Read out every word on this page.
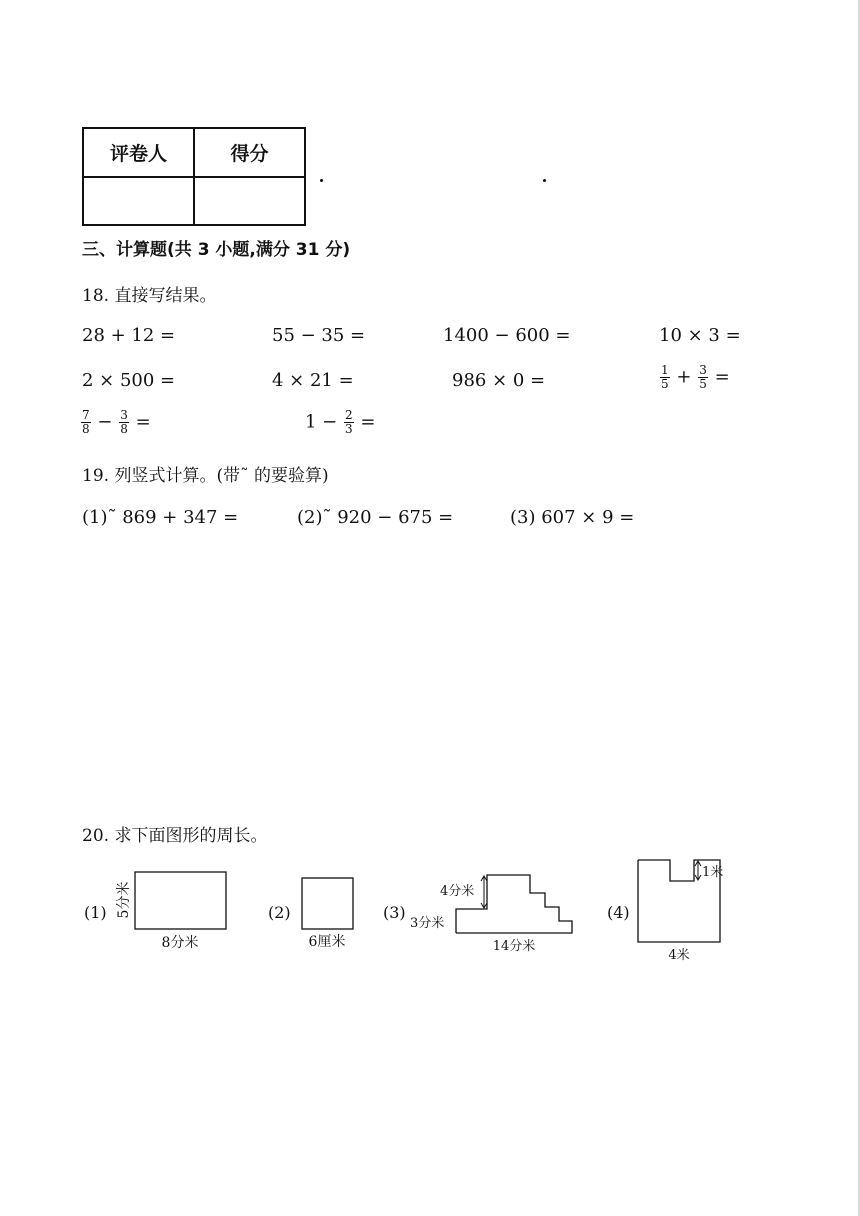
评卷人	得分

三、计算题(共 3 小题,满分 31 分)
18. 直接写结果。
28 + 12 =	55 − 35 =	1400 − 600 =	10 × 3 =
2 × 500 =	4 × 21 =	986 × 0 =	$\frac{1}{5} + \frac{3}{5}$ =
$\frac{7}{8} - \frac{3}{8}$ =	$1 - \frac{2}{3}$ =
19. 列竖式计算。(带˜ 的要验算)
(1)˜ 869 + 347 =	(2)˜ 920 − 675 =	(3) 607 × 9 =
20. 求下面图形的周长。
(1) 5分米
8分米
(2)
6厘米
(3)
4分米
3分米
14分米
(4)
1米
4米
